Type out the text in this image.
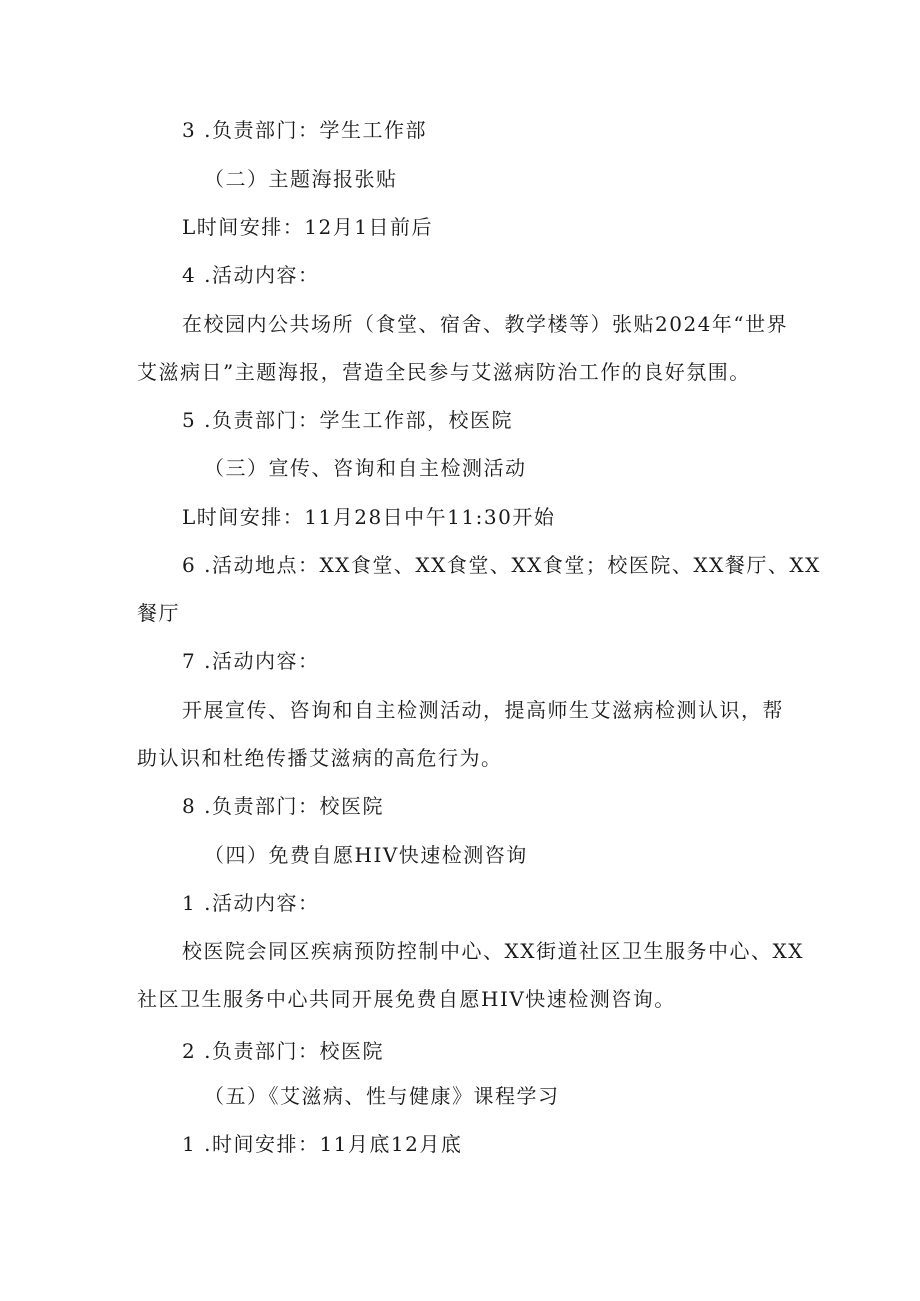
3 .负责部门：学生工作部
（二）主题海报张贴
L时间安排：12月1日前后
4 .活动内容：
在校园内公共场所（食堂、宿舍、教学楼等）张贴2024年“世界
艾滋病日”主题海报，营造全民参与艾滋病防治工作的良好氛围。
5 .负责部门：学生工作部，校医院
（三）宣传、咨询和自主检测活动
L时间安排：11月28日中午11:30开始
6 .活动地点：XX食堂、XX食堂、XX食堂；校医院、XX餐厅、XX
餐厅
7 .活动内容：
开展宣传、咨询和自主检测活动，提高师生艾滋病检测认识，帮
助认识和杜绝传播艾滋病的高危行为。
8 .负责部门：校医院
（四）免费自愿HIV快速检测咨询
1 .活动内容：
校医院会同区疾病预防控制中心、XX街道社区卫生服务中心、XX
社区卫生服务中心共同开展免费自愿HIV快速检测咨询。
2 .负责部门：校医院
（五）《艾滋病、性与健康》课程学习
1 .时间安排：11月底12月底
